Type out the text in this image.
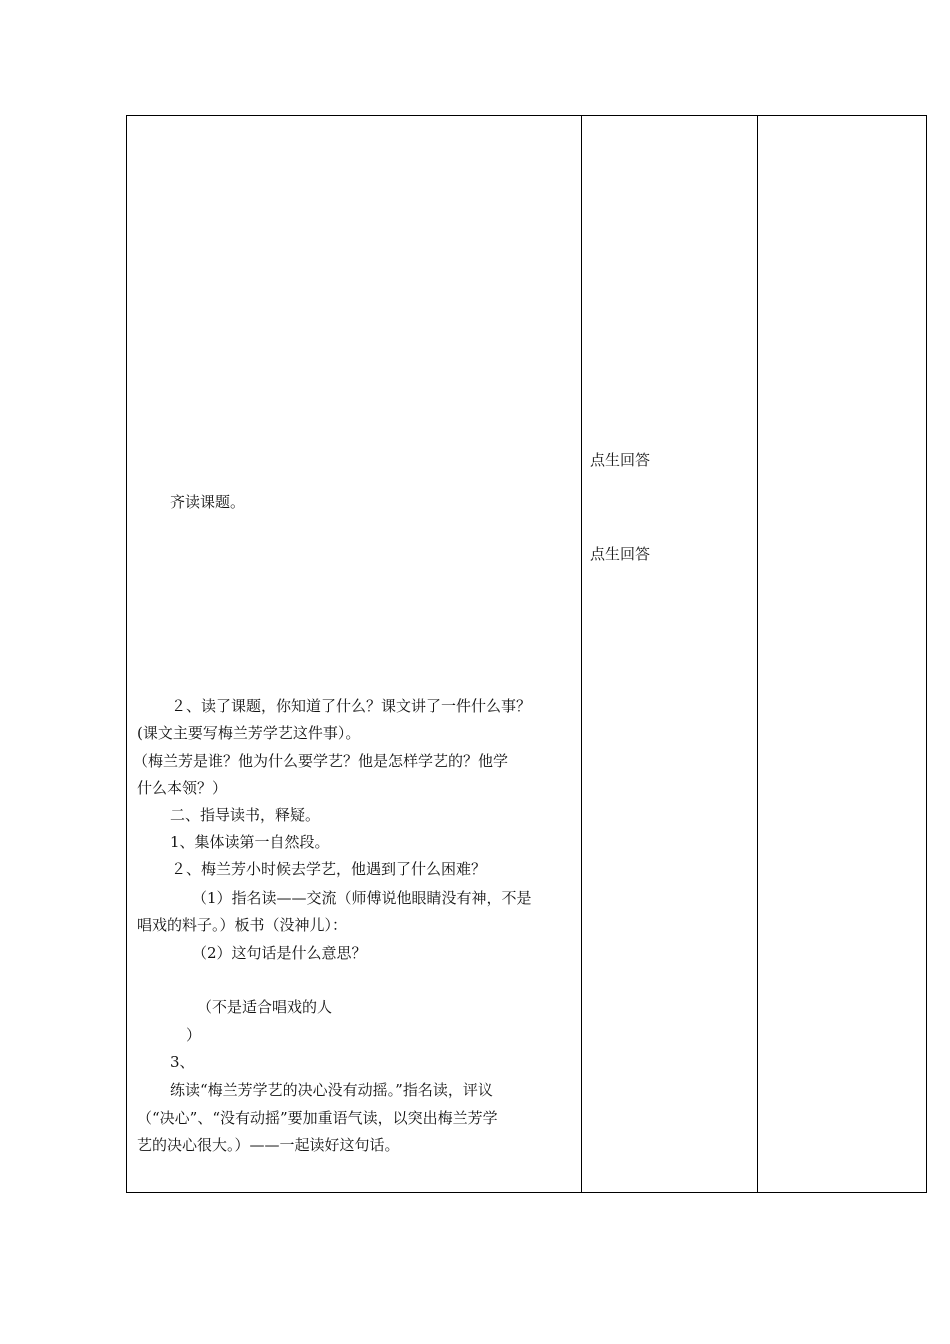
齐读课题。
２、读了课题，你知道了什么？课文讲了一件什么事？
(课文主要写梅兰芳学艺这件事）。
（梅兰芳是谁？他为什么要学艺？他是怎样学艺的？他学
什么本领？）
二、指导读书，释疑。
1、集体读第一自然段。
２、梅兰芳小时候去学艺，他遇到了什么困难？
（1）指名读——交流（师傅说他眼睛没有神，不是
唱戏的料子。）板书（没神儿）：
（2）这句话是什么意思？
（不是适合唱戏的人
）
3、
练读“梅兰芳学艺的决心没有动摇。”指名读，评议
（“决心”、“没有动摇”要加重语气读，以突出梅兰芳学
艺的决心很大。）——一起读好这句话。
点生回答
点生回答
